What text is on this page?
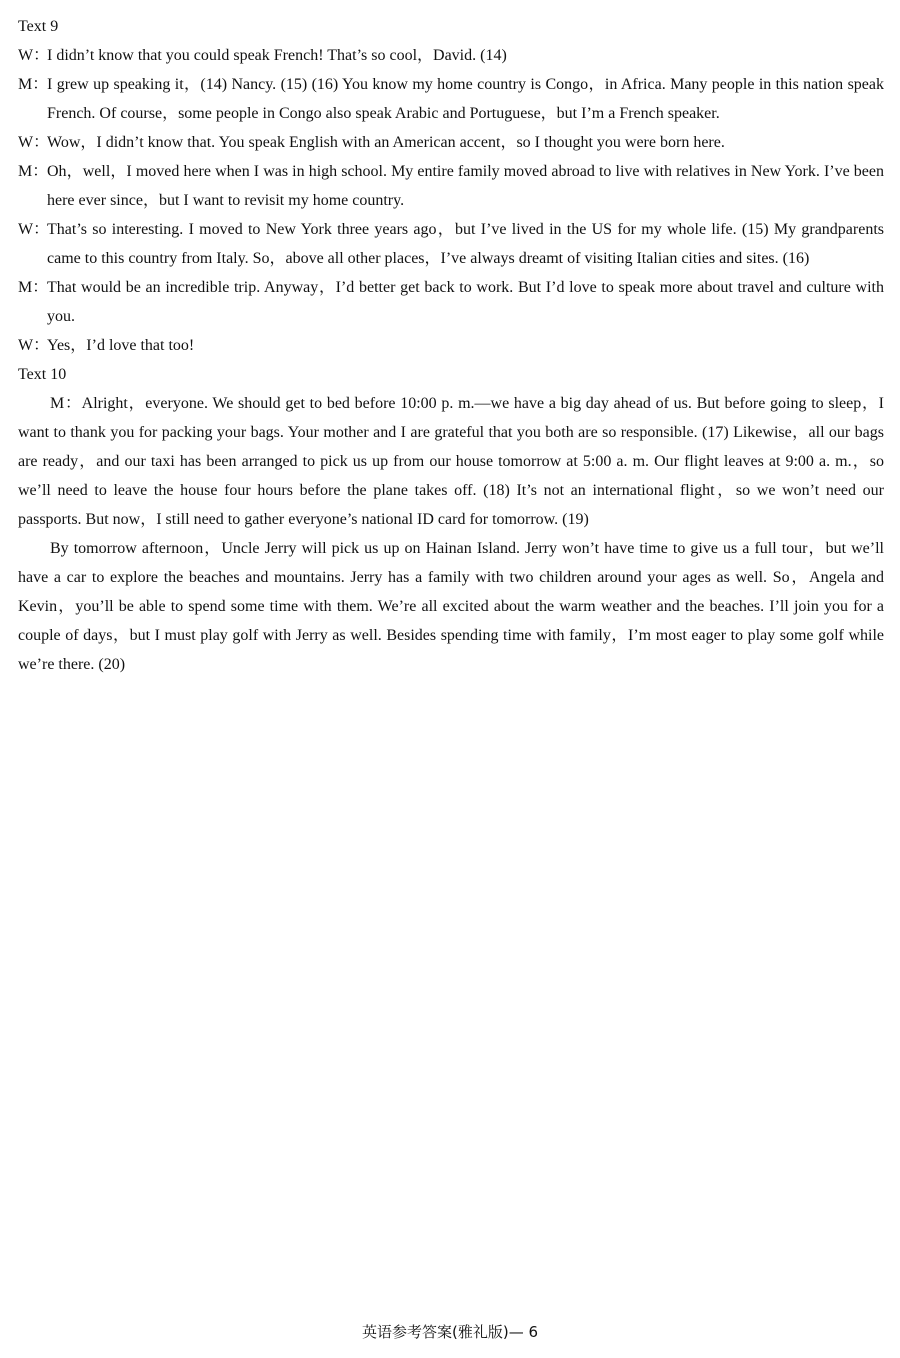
Text 9
W：I didn’t know that you could speak French! That’s so cool，David. (14)
M：I grew up speaking it，(14) Nancy. (15) (16) You know my home country is Congo，in Africa. Many people in this nation speak French. Of course，some people in Congo also speak Arabic and Portuguese，but I’m a French speaker.
W：Wow，I didn’t know that. You speak English with an American accent，so I thought you were born here.
M：Oh，well，I moved here when I was in high school. My entire family moved abroad to live with relatives in New York. I’ve been here ever since，but I want to revisit my home country.
W：That’s so interesting. I moved to New York three years ago，but I’ve lived in the US for my whole life. (15) My grandparents came to this country from Italy. So，above all other places，I’ve always dreamt of visiting Italian cities and sites. (16)
M：That would be an incredible trip. Anyway，I’d better get back to work. But I’d love to speak more about travel and culture with you.
W：Yes，I’d love that too!
Text 10
M：Alright，everyone. We should get to bed before 10:00 p. m.—we have a big day ahead of us. But before going to sleep，I want to thank you for packing your bags. Your mother and I are grateful that you both are so responsible. (17) Likewise，all our bags are ready，and our taxi has been arranged to pick us up from our house tomorrow at 5:00 a. m. Our flight leaves at 9:00 a. m.，so we’ll need to leave the house four hours before the plane takes off. (18) It’s not an international flight，so we won’t need our passports. But now，I still need to gather everyone’s national ID card for tomorrow. (19)
By tomorrow afternoon，Uncle Jerry will pick us up on Hainan Island. Jerry won’t have time to give us a full tour，but we’ll have a car to explore the beaches and mountains. Jerry has a family with two children around your ages as well. So，Angela and Kevin，you’ll be able to spend some time with them. We’re all excited about the warm weather and the beaches. I’ll join you for a couple of days，but I must play golf with Jerry as well. Besides spending time with family，I’m most eager to play some golf while we’re there. (20)
英语参考答案(雅礼版)— 6
